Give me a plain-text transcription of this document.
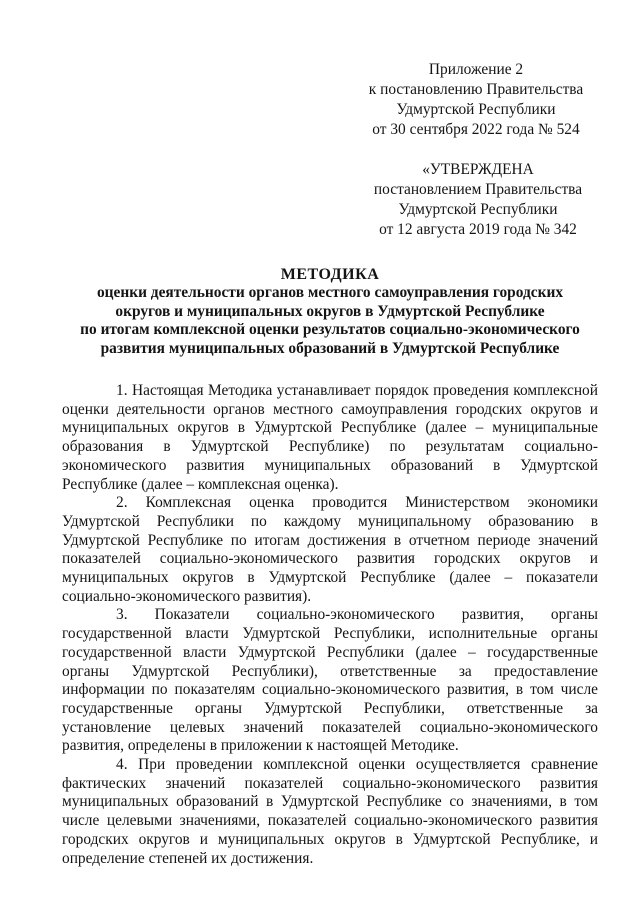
Приложение 2
к постановлению Правительства
Удмуртской Республики
от 30 сентября 2022 года № 524
«УТВЕРЖДЕНА
постановлением Правительства
Удмуртской Республики
от 12 августа 2019 года № 342
МЕТОДИКА
оценки деятельности органов местного самоуправления городских
округов и муниципальных округов в Удмуртской Республике
по итогам комплексной оценки результатов социально-экономического
развития муниципальных образований в Удмуртской Республике
1. Настоящая Методика устанавливает порядок проведения комплексной
оценки деятельности органов местного самоуправления городских округов и
муниципальных округов в Удмуртской Республике (далее – муниципальные
образования в Удмуртской Республике) по результатам социально-
экономического развития муниципальных образований в Удмуртской
Республике (далее – комплексная оценка).
2. Комплексная оценка проводится Министерством экономики
Удмуртской Республики по каждому муниципальному образованию в
Удмуртской Республике по итогам достижения в отчетном периоде значений
показателей социально-экономического развития городских округов и
муниципальных округов в Удмуртской Республике (далее – показатели
социально-экономического развития).
3. Показатели социально-экономического развития, органы
государственной власти Удмуртской Республики, исполнительные органы
государственной власти Удмуртской Республики (далее – государственные
органы Удмуртской Республики), ответственные за предоставление
информации по показателям социально-экономического развития, в том числе
государственные органы Удмуртской Республики, ответственные за
установление целевых значений показателей социально-экономического
развития, определены в приложении к настоящей Методике.
4. При проведении комплексной оценки осуществляется сравнение
фактических значений показателей социально-экономического развития
муниципальных образований в Удмуртской Республике со значениями, в том
числе целевыми значениями, показателей социально-экономического развития
городских округов и муниципальных округов в Удмуртской Республике, и
определение степеней их достижения.
